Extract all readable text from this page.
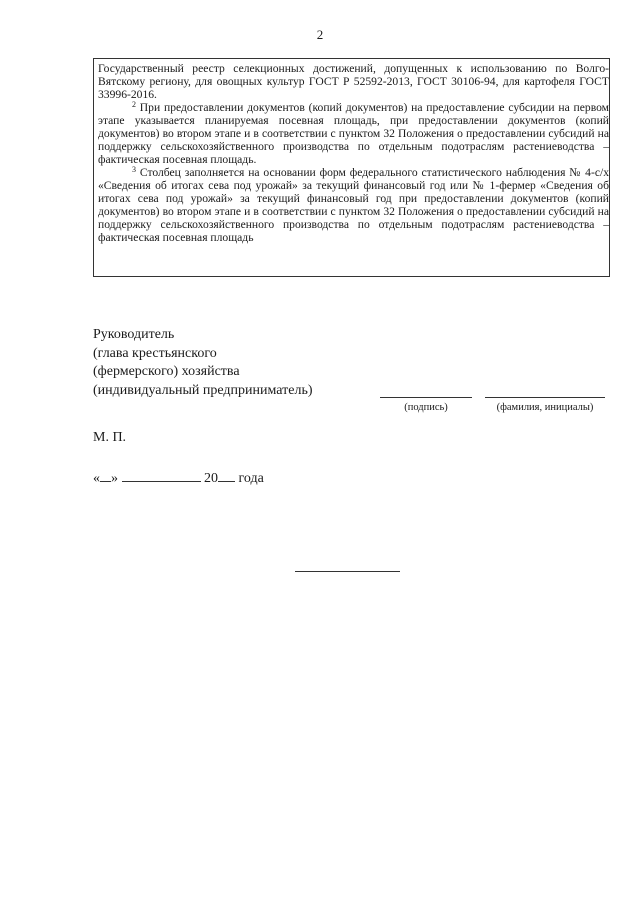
2

Государственный реестр селекционных достижений, допущенных к использованию по Волго-Вятскому региону, для овощных культур ГОСТ Р 52592-2013, ГОСТ 30106-94, для картофеля ГОСТ 33996-2016.

$^2$ При предоставлении документов (копий документов) на предоставление субсидии на первом этапе указывается планируемая посевная площадь, при предоставлении документов (копий документов) во втором этапе и в соответствии с пунктом 32 Положения о предоставлении субсидий на поддержку сельскохозяйственного производства по отдельным подотраслям растениеводства – фактическая посевная площадь.

$^3$ Столбец заполняется на основании форм федерального статистического наблюдения № 4-с/х «Сведения об итогах сева под урожай» за текущий финансовый год или № 1-фермер «Сведения об итогах сева под урожай» за текущий финансовый год при предоставлении документов (копий документов) во втором этапе и в соответствии с пунктом 32 Положения о предоставлении субсидий на поддержку сельскохозяйственного производства по отдельным подотраслям растениеводства – фактическая посевная площадь

Руководитель
(глава крестьянского
(фермерского) хозяйства
(индивидуальный предприниматель)
(подпись)	(фамилия, инициалы)
М. П.
« »	20 года
